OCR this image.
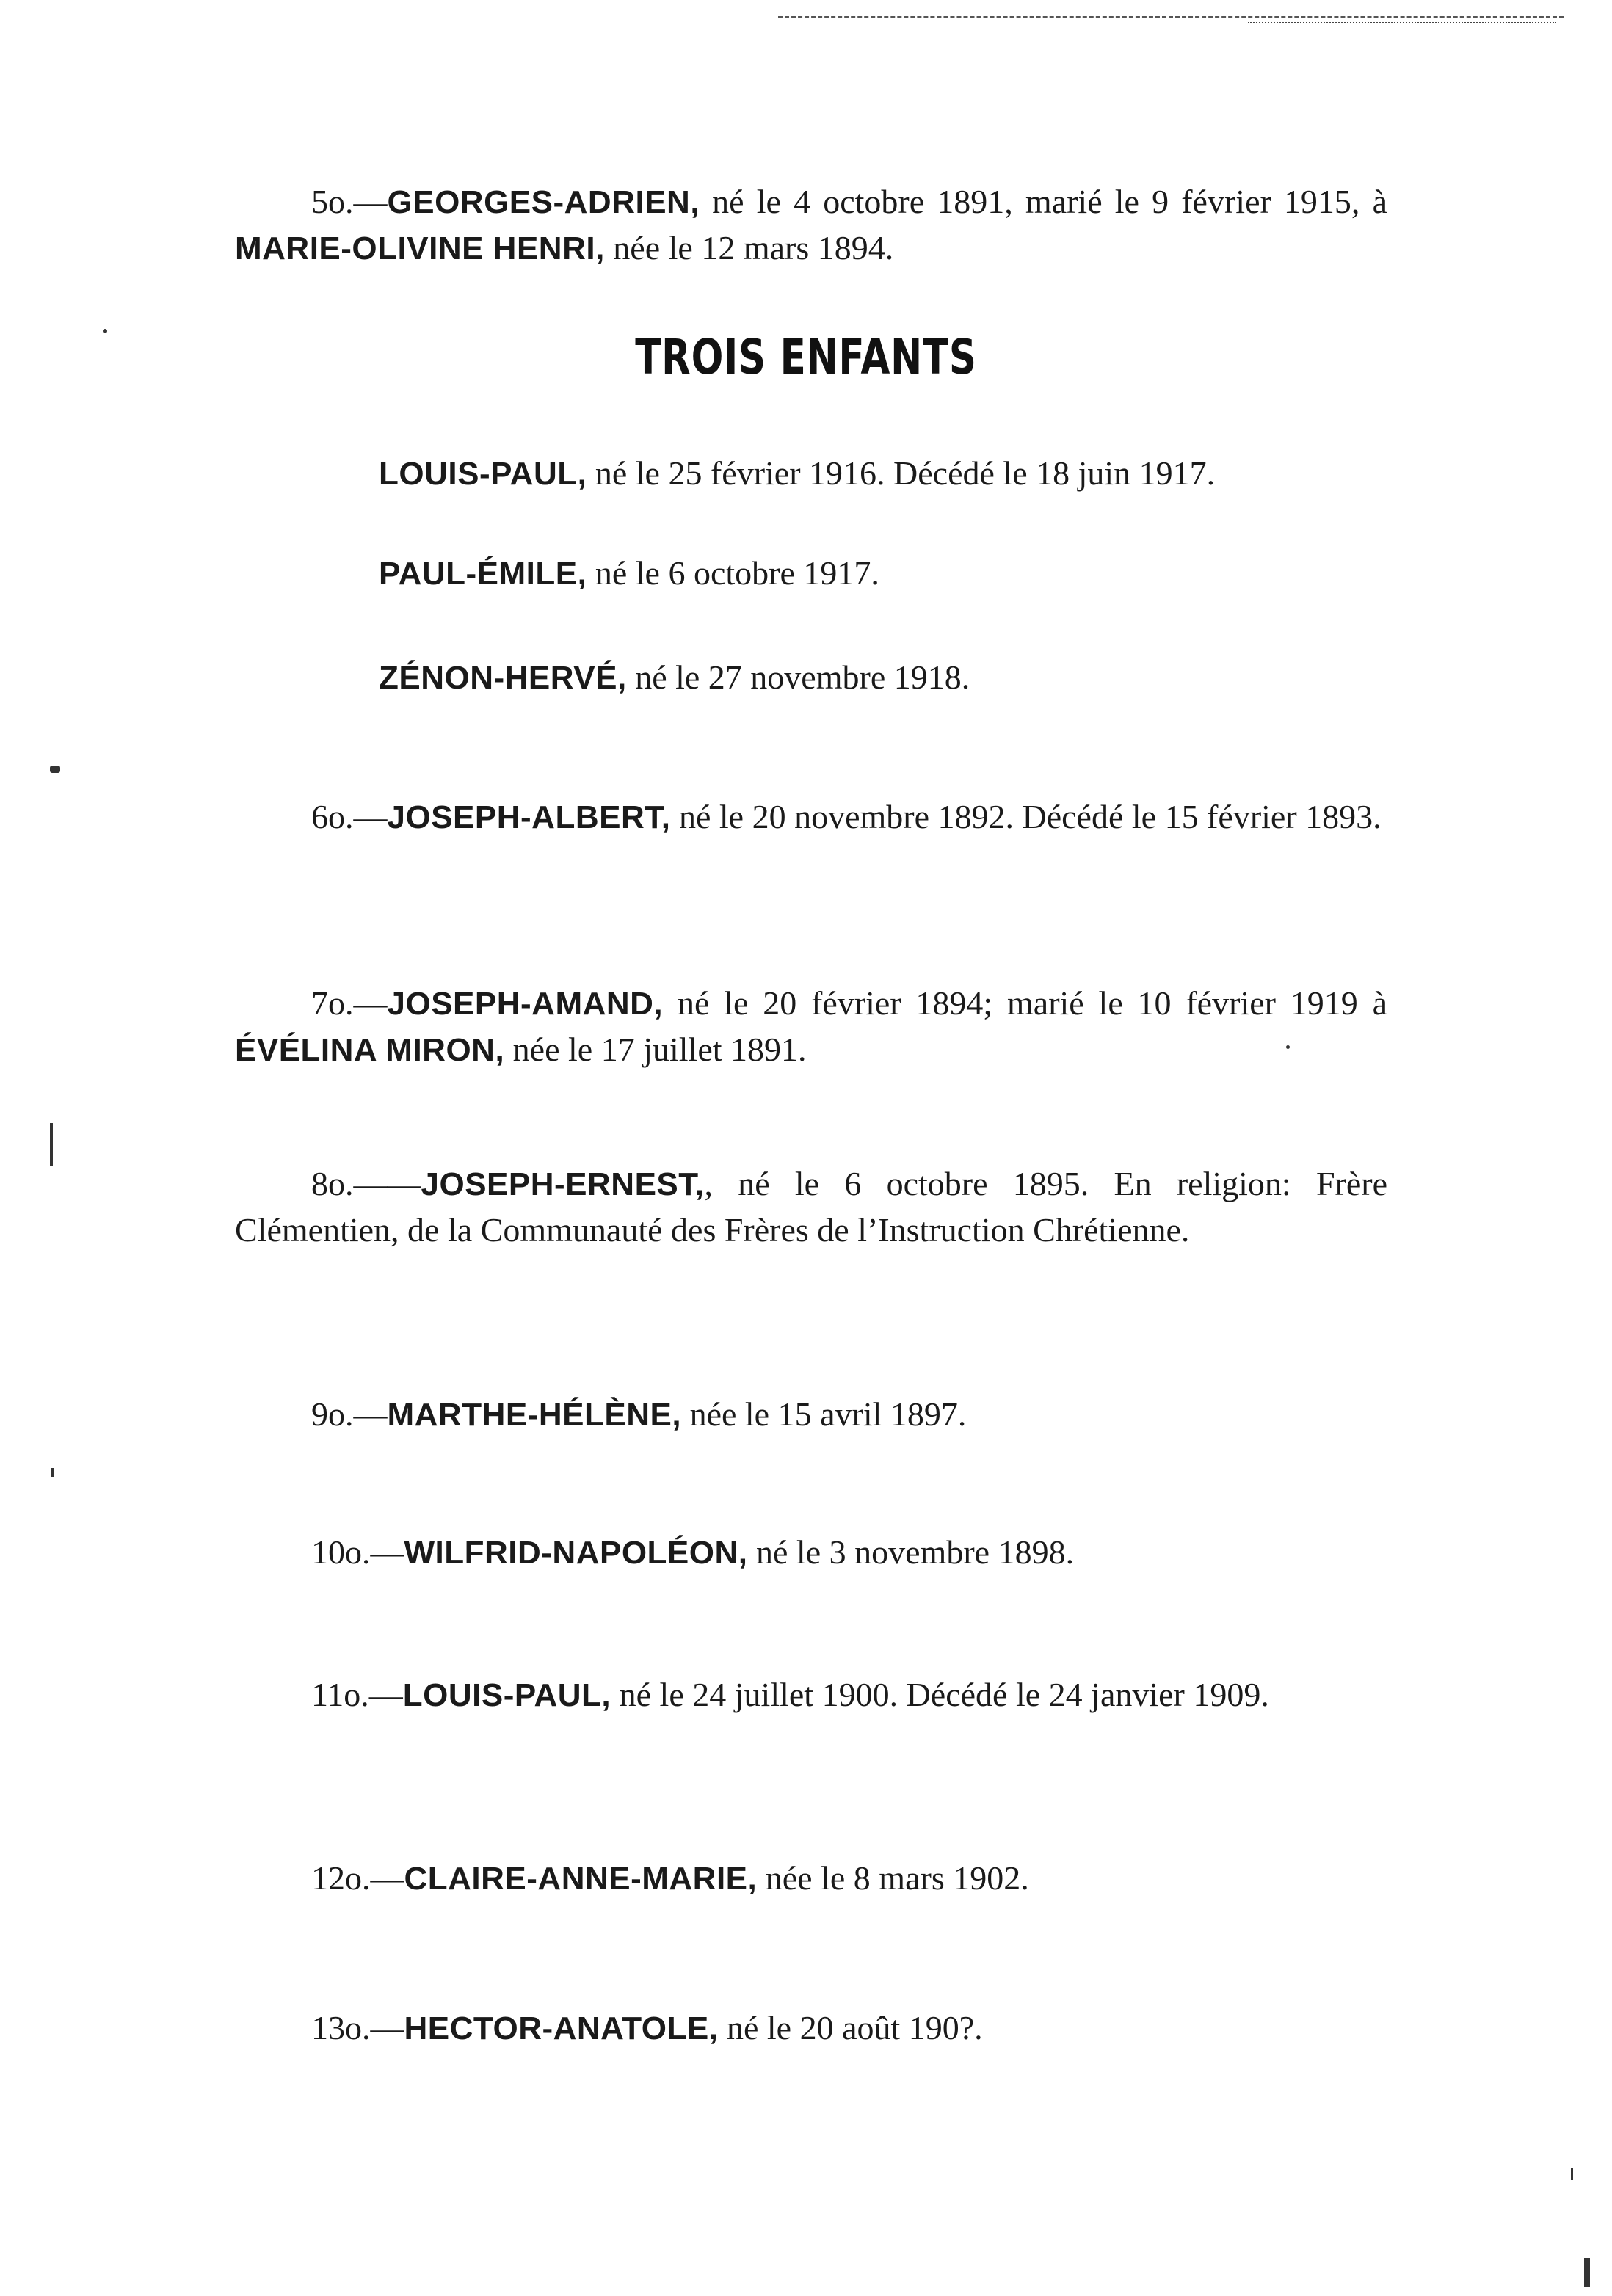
5o.—GEORGES-ADRIEN, né le 4 octobre 1891, marié le 9 février 1915, à MARIE-OLIVINE HENRI, née le 12 mars 1894.
TROIS ENFANTS
LOUIS-PAUL, né le 25 février 1916. Décédé le 18 juin 1917.
PAUL-ÉMILE, né le 6 octobre 1917.
ZÉNON-HERVÉ, né le 27 novembre 1918.
6o.—JOSEPH-ALBERT, né le 20 novembre 1892. Décédé le 15 février 1893.
7o.—JOSEPH-AMAND, né le 20 février 1894; marié le 10 février 1919 à ÉVÉLINA MIRON, née le 17 juillet 1891.
8o.——JOSEPH-ERNEST,, né le 6 octobre 1895. En religion: Frère Clémentien, de la Communauté des Frères de l’Instruction Chrétienne.
9o.—MARTHE-HÉLÈNE, née le 15 avril 1897.
10o.—WILFRID-NAPOLÉON, né le 3 novembre 1898.
11o.—LOUIS-PAUL, né le 24 juillet 1900. Décédé le 24 janvier 1909.
12o.—CLAIRE-ANNE-MARIE, née le 8 mars 1902.
13o.—HECTOR-ANATOLE, né le 20 août 190?.
